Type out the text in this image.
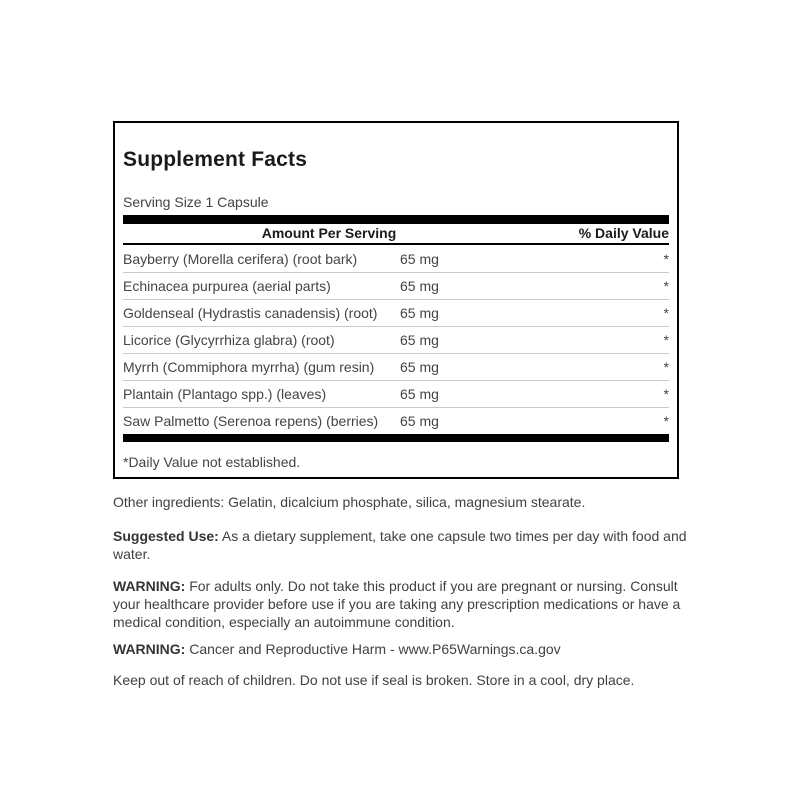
Supplement Facts
Serving Size 1 Capsule
Amount Per Serving	% Daily Value
Bayberry (Morella cerifera) (root bark)	65 mg	*
Echinacea purpurea (aerial parts)	65 mg	*
Goldenseal (Hydrastis canadensis) (root)	65 mg	*
Licorice (Glycyrrhiza glabra) (root)	65 mg	*
Myrrh (Commiphora myrrha) (gum resin)	65 mg	*
Plantain (Plantago spp.) (leaves)	65 mg	*
Saw Palmetto (Serenoa repens) (berries)	65 mg	*
*Daily Value not established.

Other ingredients: Gelatin, dicalcium phosphate, silica, magnesium stearate.

Suggested Use: As a dietary supplement, take one capsule two times per day with food and water.

WARNING: For adults only. Do not take this product if you are pregnant or nursing. Consult your healthcare provider before use if you are taking any prescription medications or have a medical condition, especially an autoimmune condition.

WARNING: Cancer and Reproductive Harm - www.P65Warnings.ca.gov

Keep out of reach of children. Do not use if seal is broken. Store in a cool, dry place.
